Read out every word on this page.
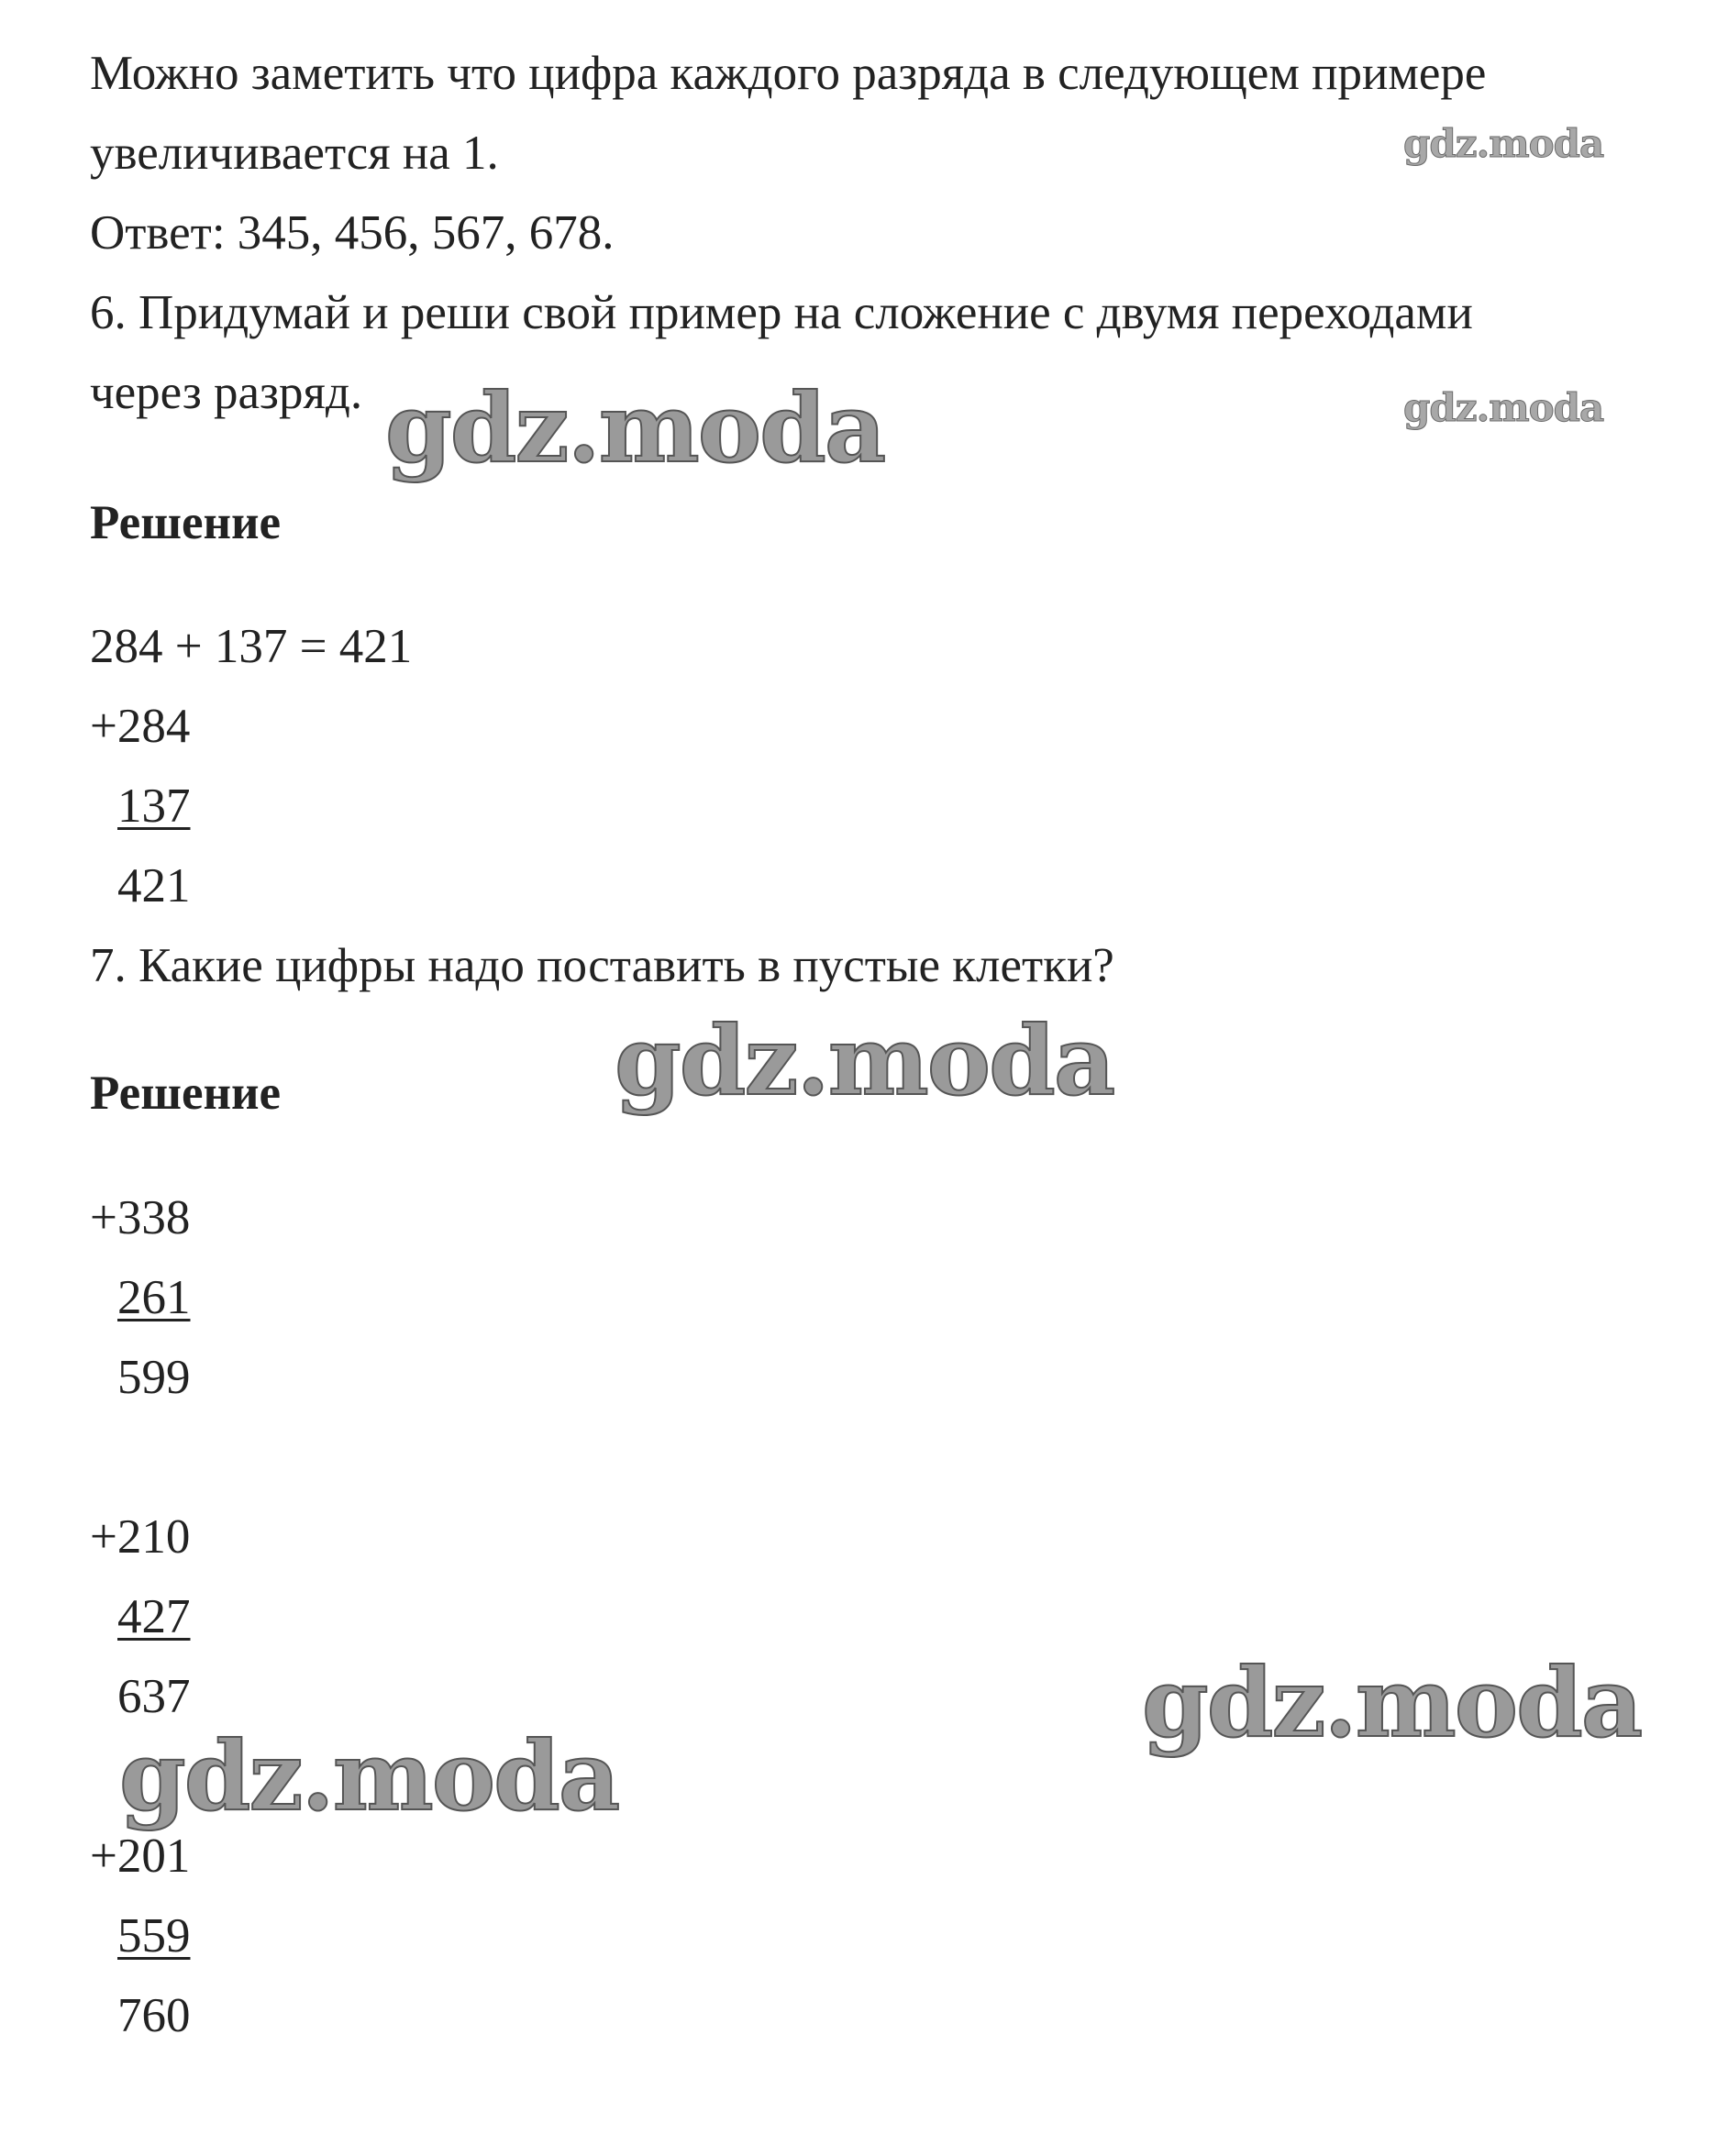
Можно заметить что цифра каждого разряда в следующем примере
увеличивается на 1.
Ответ: 345, 456, 567, 678.
6. Придумай и реши свой пример на сложение с двумя переходами
через разряд.
Решение
284 + 137 = 421
+284
137
421
7. Какие цифры надо поставить в пустые клетки?
Решение
+338
261
599
+210
427
637
+201
559
760
gdz.moda
gdz.moda
gdz.moda
gdz.moda
gdz.moda
gdz.moda
